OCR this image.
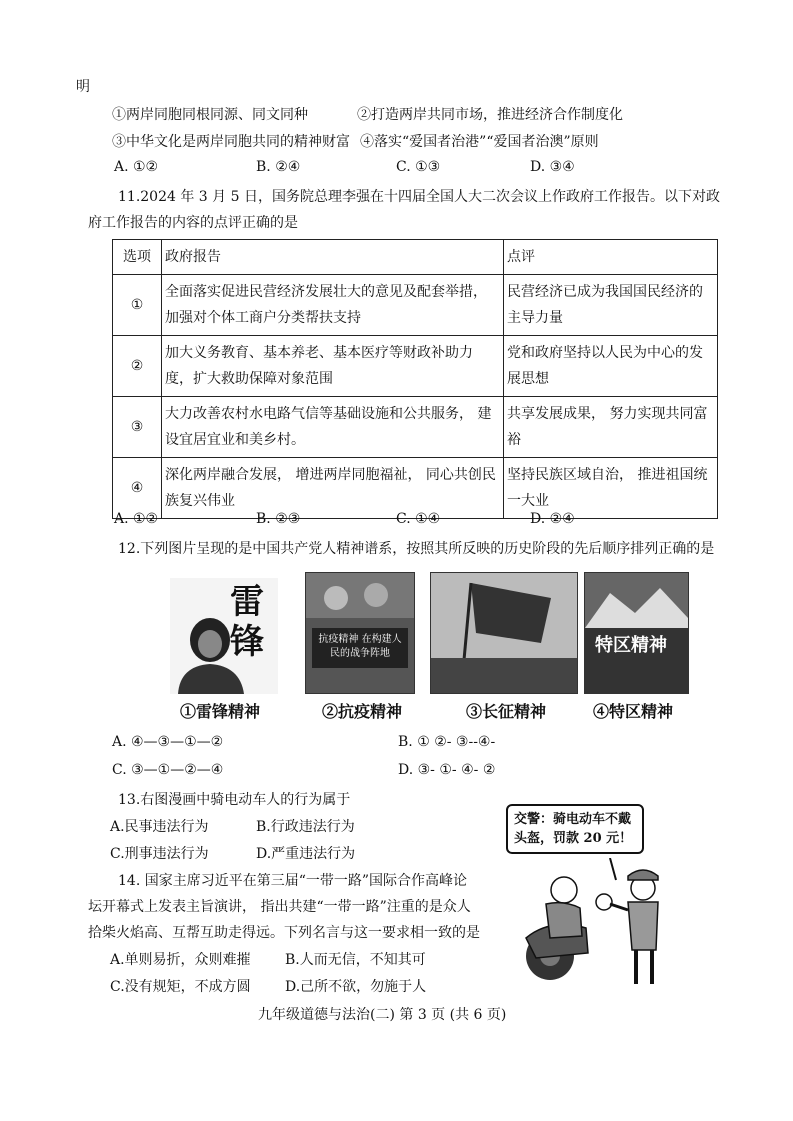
明
①两岸同胞同根同源、同文同种	②打造两岸共同市场，推进经济合作制度化
③中华文化是两岸同胞共同的精神财富 ④落实“爱国者治港”“爱国者治澳”原则
A. ①②	B. ②④	C. ①③	D. ③④
11.2024 年 3 月 5 日，国务院总理李强在十四届全国人大二次会议上作政府工作报告。以下对政
府工作报告的内容的点评正确的是
选项	政府报告	点评
①	全面落实促进民营经济发展壮大的意见及配套举措，加强对个体工商户分类帮扶支持	民营经济已成为我国国民经济的主导力量
②	加大义务教育、基本养老、基本医疗等财政补助力度，扩大救助保障对象范围	党和政府坚持以人民为中心的发展思想
③	大力改善农村水电路气信等基础设施和公共服务， 建设宜居宜业和美乡村。	共享发展成果， 努力实现共同富裕
④	深化两岸融合发展， 增进两岸同胞福祉， 同心共创民族复兴伟业	坚持民族区域自治， 推进祖国统一大业
A. ①②	B. ②③	C. ①④	D. ②④
12.下列图片呈现的是中国共产党人精神谱系，按照其所反映的历史阶段的先后顺序排列正确的是
雷锋
①雷锋精神
抗疫精神 在构建人民的战争阵地
②抗疫精神	③长征精神
特区精神
④特区精神
A. ④—③—①—②	B. ① ②- ③--④-
C. ③—①—②—④	D. ③- ①- ④- ②
13.右图漫画中骑电动车人的行为属于
A.民事违法行为	B.行政违法行为
C.刑事违法行为	D.严重违法行为
交警：骑电动车不戴头盔，罚款 20 元！
14. 国家主席习近平在第三届“一带一路”国际合作高峰论
坛开幕式上发表主旨演讲， 指出共建“一带一路”注重的是众人
拾柴火焰高、互帮互助走得远。下列名言与这一要求相一致的是
A.单则易折，众则难摧 B.人而无信，不知其可
C.没有规矩，不成方圆 D.己所不欲，勿施于人
九年级道德与法治(二) 第 3 页 (共 6 页)
